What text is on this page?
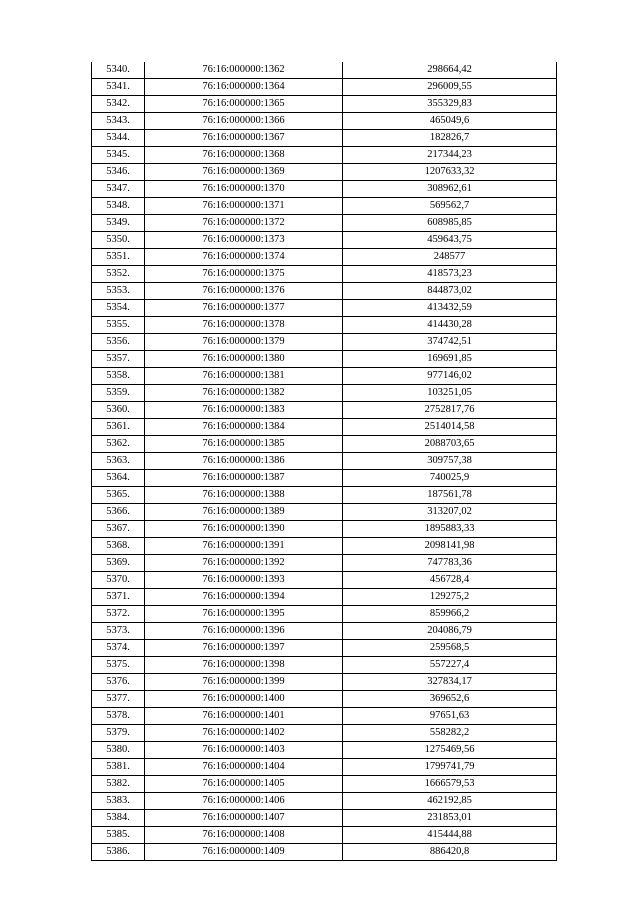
5340.	76:16:000000:1362	298664,42
5341.	76:16:000000:1364	296009,55
5342.	76:16:000000:1365	355329,83
5343.	76:16:000000:1366	465049,6
5344.	76:16:000000:1367	182826,7
5345.	76:16:000000:1368	217344,23
5346.	76:16:000000:1369	1207633,32
5347.	76:16:000000:1370	308962,61
5348.	76:16:000000:1371	569562,7
5349.	76:16:000000:1372	608985,85
5350.	76:16:000000:1373	459643,75
5351.	76:16:000000:1374	248577
5352.	76:16:000000:1375	418573,23
5353.	76:16:000000:1376	844873,02
5354.	76:16:000000:1377	413432,59
5355.	76:16:000000:1378	414430,28
5356.	76:16:000000:1379	374742,51
5357.	76:16:000000:1380	169691,85
5358.	76:16:000000:1381	977146,02
5359.	76:16:000000:1382	103251,05
5360.	76:16:000000:1383	2752817,76
5361.	76:16:000000:1384	2514014,58
5362.	76:16:000000:1385	2088703,65
5363.	76:16:000000:1386	309757,38
5364.	76:16:000000:1387	740025,9
5365.	76:16:000000:1388	187561,78
5366.	76:16:000000:1389	313207,02
5367.	76:16:000000:1390	1895883,33
5368.	76:16:000000:1391	2098141,98
5369.	76:16:000000:1392	747783,36
5370.	76:16:000000:1393	456728,4
5371.	76:16:000000:1394	129275,2
5372.	76:16:000000:1395	859966,2
5373.	76:16:000000:1396	204086,79
5374.	76:16:000000:1397	259568,5
5375.	76:16:000000:1398	557227,4
5376.	76:16:000000:1399	327834,17
5377.	76:16:000000:1400	369652,6
5378.	76:16:000000:1401	97651,63
5379.	76:16:000000:1402	558282,2
5380.	76:16:000000:1403	1275469,56
5381.	76:16:000000:1404	1799741,79
5382.	76:16:000000:1405	1666579,53
5383.	76:16:000000:1406	462192,85
5384.	76:16:000000:1407	231853,01
5385.	76:16:000000:1408	415444,88
5386.	76:16:000000:1409	886420,8
